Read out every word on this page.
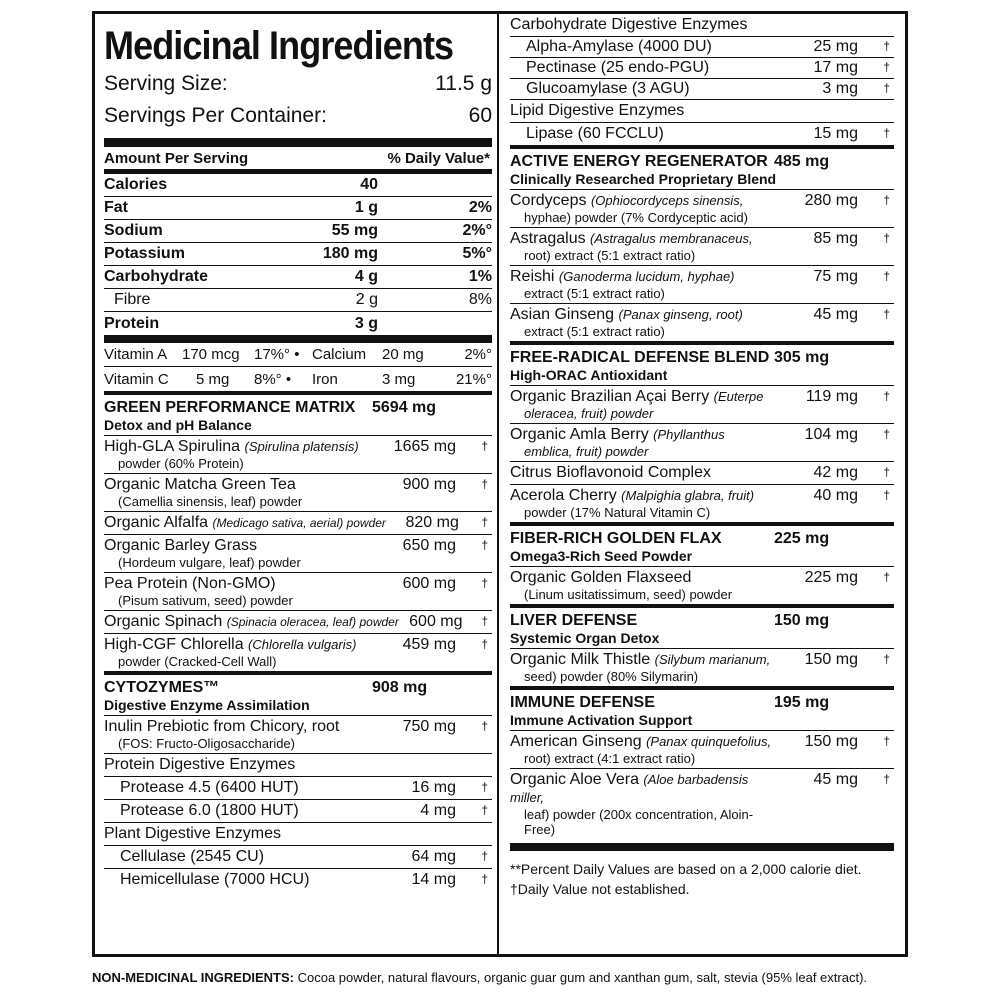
Medicinal Ingredients
Serving Size:	11.5 g
Servings Per Container:	60
Amount Per Serving	% Daily Value*
Calories	40
Fat	1 g	2%
Sodium	55 mg	2%°
Potassium	180 mg	5%°
Carbohydrate	4 g	1%
Fibre	2 g	8%
Protein	3 g
Vitamin A 170 mcg 17%° • Calcium	20 mg	2%°
Vitamin C	5 mg	8%° •	Iron	3 mg	21%°
GREEN PERFORMANCE MATRIX	5694 mg
Detox and pH Balance
High-GLA Spirulina (Spirulina platensis)
powder (60% Protein)
1665 mg	†
Organic Matcha Green Tea
(Camellia sinensis, leaf) powder
900 mg	†
Organic Alfalfa (Medicago sativa, aerial) powder	820 mg	†
Organic Barley Grass
(Hordeum vulgare, leaf) powder
650 mg	†
Pea Protein (Non-GMO)
(Pisum sativum, seed) powder
600 mg	†
Organic Spinach (Spinacia oleracea, leaf) powder 600 mg	†
High-CGF Chlorella (Chlorella vulgaris)
powder (Cracked-Cell Wall)
459 mg	†
CYTOZYMES™	908 mg
Digestive Enzyme Assimilation
Inulin Prebiotic from Chicory, root
(FOS: Fructo-Oligosaccharide)
750 mg	†
Protein Digestive Enzymes
Protease 4.5 (6400 HUT)	16 mg	†
Protease 6.0 (1800 HUT)	4 mg	†
Plant Digestive Enzymes
Cellulase (2545 CU)	64 mg	†
Hemicellulase (7000 HCU)	14 mg	†
Carbohydrate Digestive Enzymes
Alpha-Amylase (4000 DU)	25 mg	†
Pectinase (25 endo-PGU)	17 mg	†
Glucoamylase (3 AGU)	3 mg	†
Lipid Digestive Enzymes
Lipase (60 FCCLU)	15 mg	†
ACTIVE ENERGY REGENERATOR 485 mg
Clinically Researched Proprietary Blend
Cordyceps (Ophiocordyceps sinensis,
hyphae) powder (7% Cordyceptic acid)
280 mg	†
Astragalus (Astragalus membranaceus,
root) extract (5:1 extract ratio)
85 mg	†
Reishi (Ganoderma lucidum, hyphae)
extract (5:1 extract ratio)
75 mg	†
Asian Ginseng (Panax ginseng, root)
extract (5:1 extract ratio)
45 mg	†
FREE-RADICAL DEFENSE BLEND 305 mg
High-ORAC Antioxidant
Organic Brazilian Açai Berry (Euterpe
oleracea, fruit) powder
119 mg	†
Organic Amla Berry (Phyllanthus
emblica, fruit) powder
104 mg	†
Citrus Bioflavonoid Complex	42 mg	†
Acerola Cherry (Malpighia glabra, fruit)
powder (17% Natural Vitamin C)
40 mg	†
FIBER-RICH GOLDEN FLAX	225 mg
Omega3-Rich Seed Powder
Organic Golden Flaxseed
(Linum usitatissimum, seed) powder
225 mg	†
LIVER DEFENSE	150 mg
Systemic Organ Detox
Organic Milk Thistle (Silybum marianum,
seed) powder (80% Silymarin)
150 mg	†
IMMUNE DEFENSE	195 mg
Immune Activation Support
American Ginseng (Panax quinquefolius,
root) extract (4:1 extract ratio)
150 mg	†
Organic Aloe Vera (Aloe barbadensis miller,
leaf) powder (200x concentration, Aloin-Free)
45 mg	†
**Percent Daily Values are based on a 2,000 calorie diet.
†Daily Value not established.
NON-MEDICINAL INGREDIENTS: Cocoa powder, natural flavours, organic guar gum and xanthan gum, salt, stevia (95% leaf extract).
